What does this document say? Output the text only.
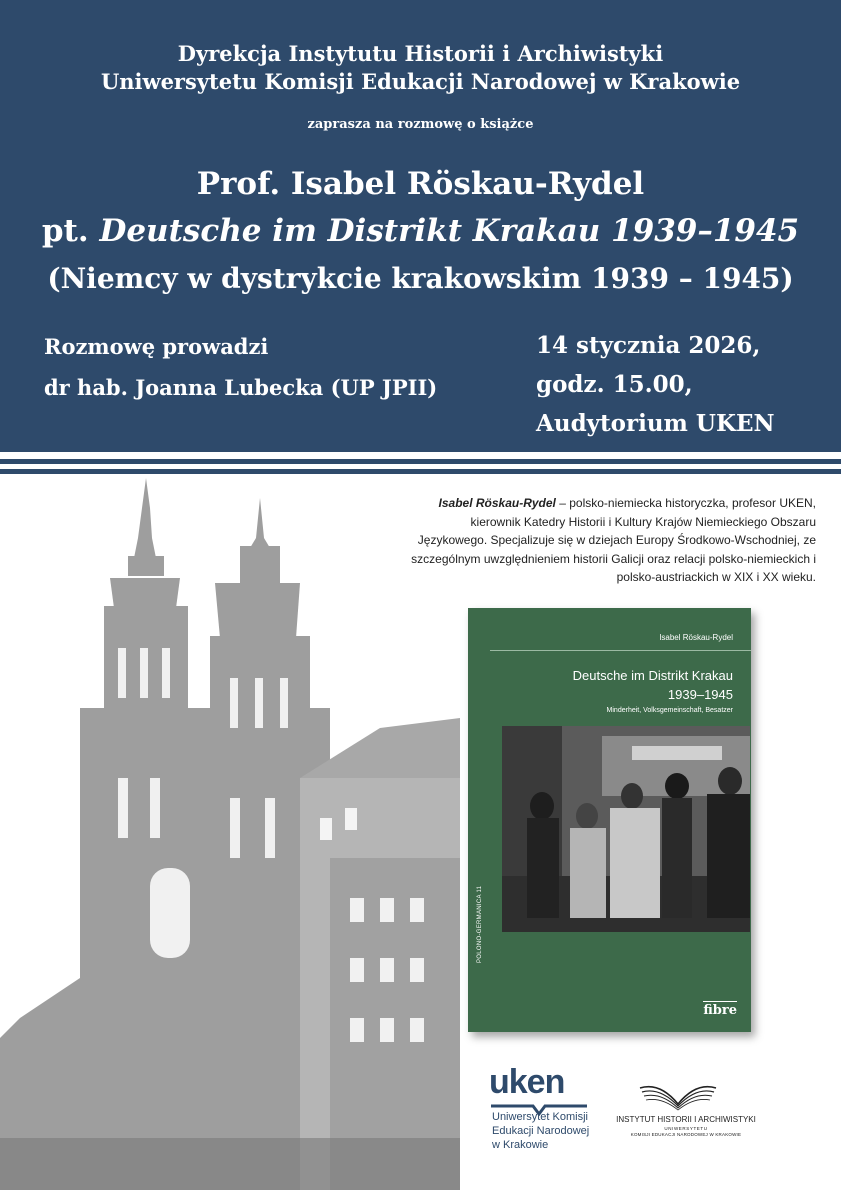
Dyrekcja Instytutu Historii i Archiwistyki
Uniwersytetu Komisji Edukacji Narodowej w Krakowie
zaprasza na rozmowę o książce
Prof. Isabel Röskau-Rydel
pt. Deutsche im Distrikt Krakau 1939–1945
(Niemcy w dystrykcie krakowskim 1939 – 1945)
Rozmowę prowadzi
dr hab. Joanna Lubecka (UP JPII)
14 stycznia 2026,
godz. 15.00,
Audytorium UKEN
Isabel Röskau-Rydel – polsko-niemiecka historyczka, profesor UKEN, kierownik Katedry Historii i Kultury Krajów Niemieckiego Obszaru Językowego. Specjalizuje się w dziejach Europy Środkowo-Wschodniej, ze szczególnym uwzględnieniem historii Galicji oraz relacji polsko-niemieckich i polsko-austriackich w XIX i XX wieku.
Isabel Röskau-Rydel
Deutsche im Distrikt Krakau
1939–1945
Minderheit, Volksgemeinschaft, Besatzer
POLONO-GERMANICA 11
fibre
uken
Uniwersytet Komisji
Edukacji Narodowej
w Krakowie
INSTYTUT HISTORII I ARCHIWISTYKI
UNIWERSYTETU
KOMISJI EDUKACJI NARODOWEJ W KRAKOWIE
